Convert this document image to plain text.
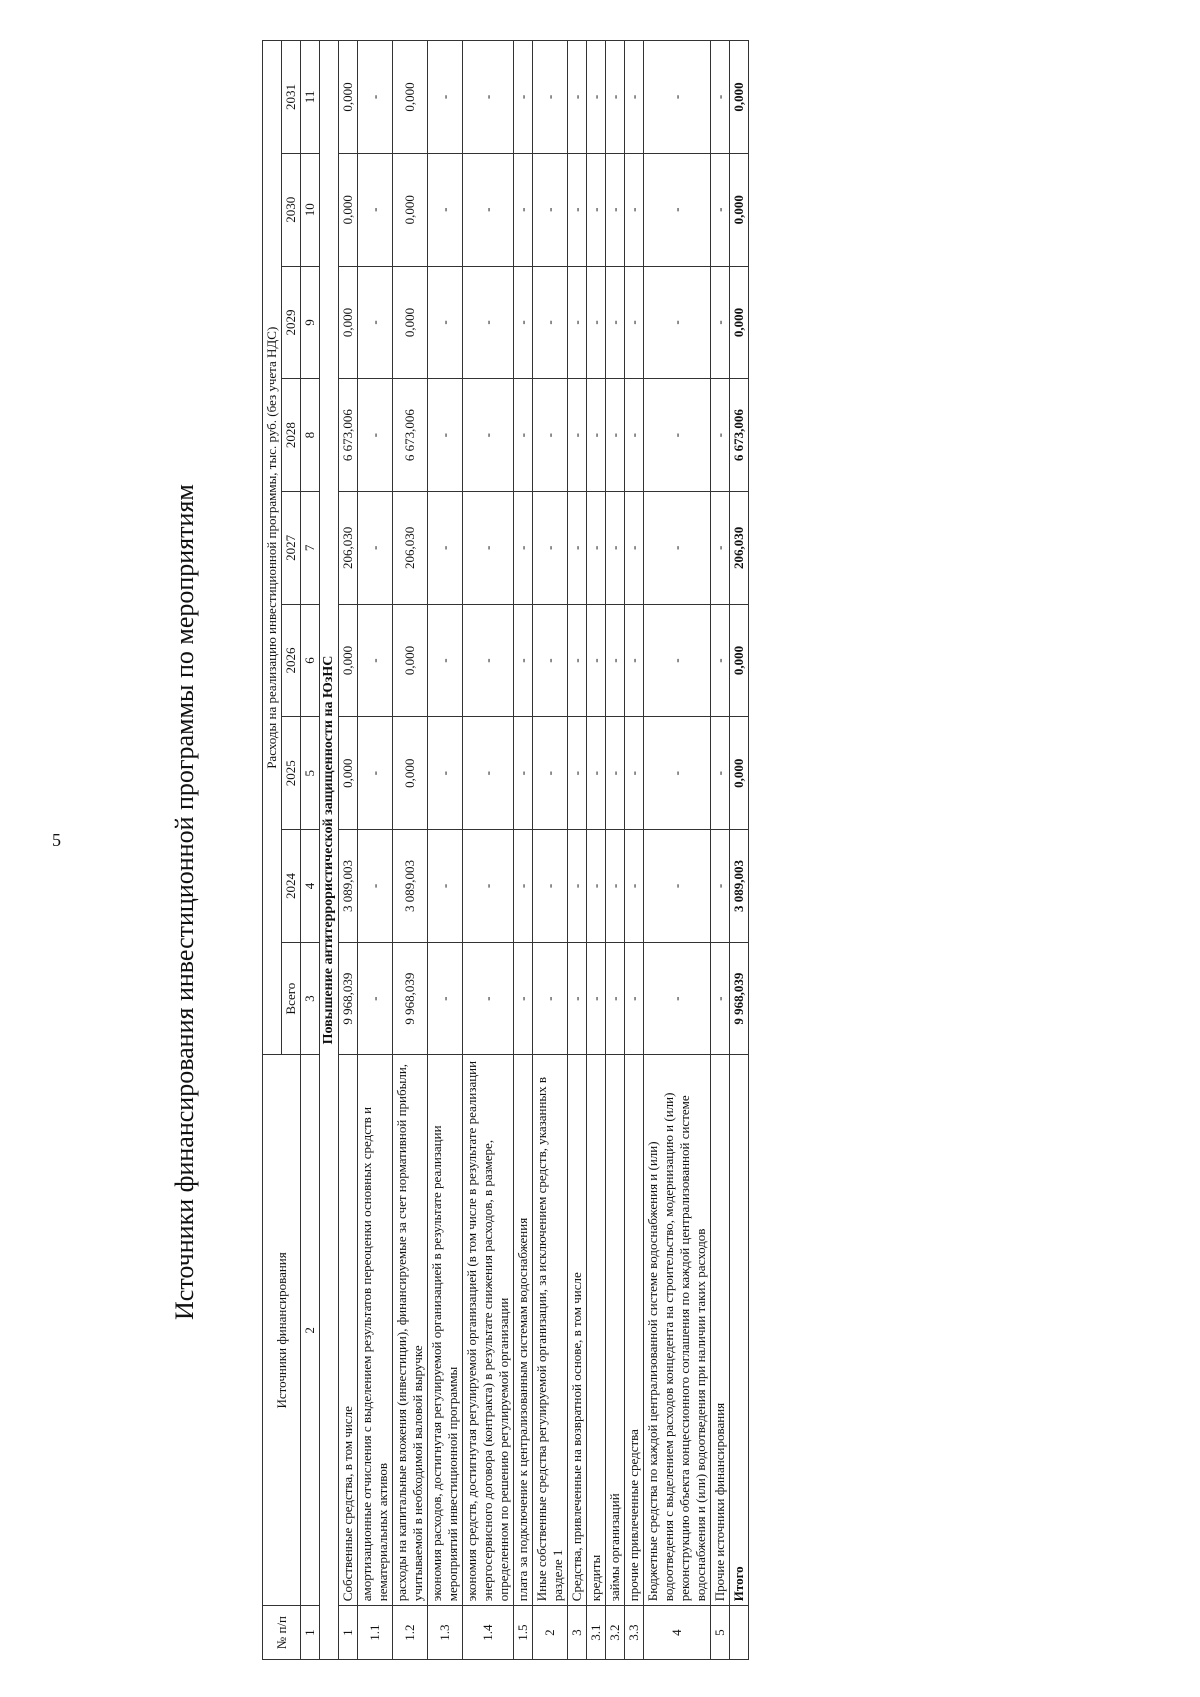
5	Источники финансирования инвестиционной программы по мероприятиям
№ п/п	Источники финансирования	Расходы на реализацию инвестиционной программы, тыс. руб. (без учета НДС)								
		Всего	2024	2025	2026	2027	2028	2029	2030	2031
1	2	3	4	5	6	7	8	9	10	11
Повышение антитеррористической защищенности на ЮзНС										
1	Собственные средства, в том числе	9 968,039	3 089,003	0,000	0,000	206,030	6 673,006	0,000	0,000	0,000
1.1	амортизационные отчисления с выделением результатов переоценки основных средств и нематериальных активов	-	-	-	-	-	-	-	-	-
1.2	расходы на капитальные вложения (инвестиции), финансируемые за счет нормативной прибыли, учитываемой в необходимой валовой выручке	9 968,039	3 089,003	0,000	0,000	206,030	6 673,006	0,000	0,000	0,000
1.3	экономия расходов, достигнутая регулируемой организацией в результате реализации мероприятий инвестиционной программы	-	-	-	-	-	-	-	-	-
1.4	экономия средств, достигнутая регулируемой организацией (в том числе в результате реализации энергосервисного договора (контракта) в результате снижения расходов, в размере, определенном по решению регулируемой организации	-	-	-	-	-	-	-	-	-
1.5	плата за подключение к централизованным системам водоснабжения	-	-	-	-	-	-	-	-	-
2	Иные собственные средства регулируемой организации, за исключением средств, указанных в разделе 1	-	-	-	-	-	-	-	-	-
3	Средства, привлеченные на возвратной основе, в том числе	-	-	-	-	-	-	-	-	-
3.1	кредиты	-	-	-	-	-	-	-	-	-
3.2	займы организаций	-	-	-	-	-	-	-	-	-
3.3	прочие привлеченные средства	-	-	-	-	-	-	-	-	-
4	Бюджетные средства по каждой централизованной системе водоснабжения и (или) водоотведения с выделением расходов концедента на строительство, модернизацию и (или) реконструкцию объекта концессионного соглашения по каждой централизованной системе водоснабжения и (или) водоотведения при наличии таких расходов	-	-	-	-	-	-	-	-	-
5	Прочие источники финансирования	-	-	-	-	-	-	-	-	-
	Итого	9 968,039	3 089,003	0,000	0,000	206,030	6 673,006	0,000	0,000	0,000
